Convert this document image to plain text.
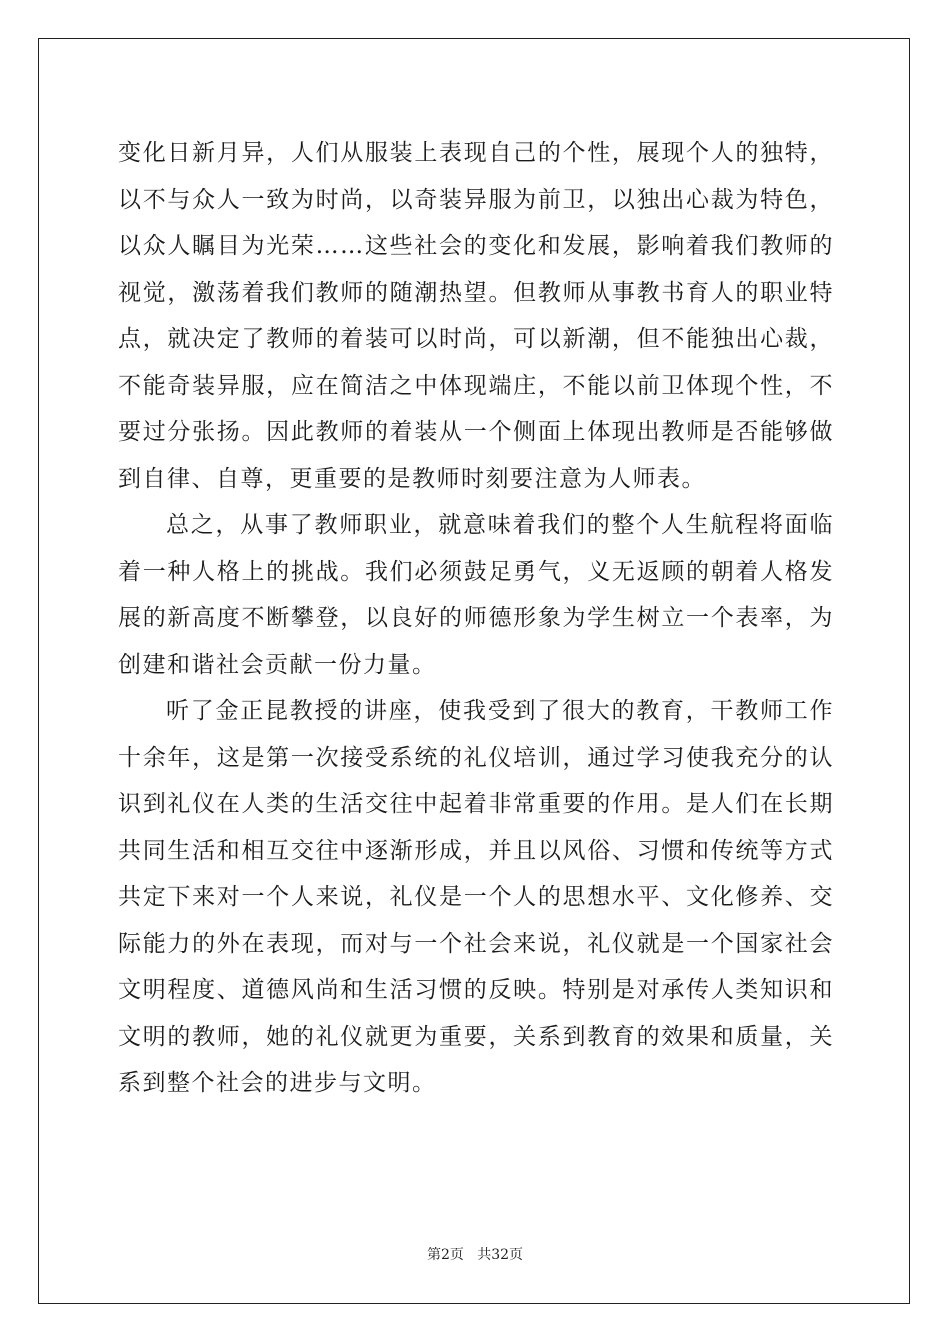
变化日新月异，人们从服装上表现自己的个性，展现个人的独特，以不与众人一致为时尚，以奇装异服为前卫，以独出心裁为特色，以众人瞩目为光荣……这些社会的变化和发展，影响着我们教师的视觉，激荡着我们教师的随潮热望。但教师从事教书育人的职业特点，就决定了教师的着装可以时尚，可以新潮，但不能独出心裁，不能奇装异服，应在简洁之中体现端庄，不能以前卫体现个性，不要过分张扬。因此教师的着装从一个侧面上体现出教师是否能够做到自律、自尊，更重要的是教师时刻要注意为人师表。

总之，从事了教师职业，就意味着我们的整个人生航程将面临着一种人格上的挑战。我们必须鼓足勇气，义无返顾的朝着人格发展的新高度不断攀登，以良好的师德形象为学生树立一个表率，为创建和谐社会贡献一份力量。

听了金正昆教授的讲座，使我受到了很大的教育，干教师工作十余年，这是第一次接受系统的礼仪培训，通过学习使我充分的认识到礼仪在人类的生活交往中起着非常重要的作用。是人们在长期共同生活和相互交往中逐渐形成，并且以风俗、习惯和传统等方式共定下来对一个人来说，礼仪是一个人的思想水平、文化修养、交际能力的外在表现，而对与一个社会来说，礼仪就是一个国家社会文明程度、道德风尚和生活习惯的反映。特别是对承传人类知识和文明的教师，她的礼仪就更为重要，关系到教育的效果和质量，关系到整个社会的进步与文明。

第2页   共32页
